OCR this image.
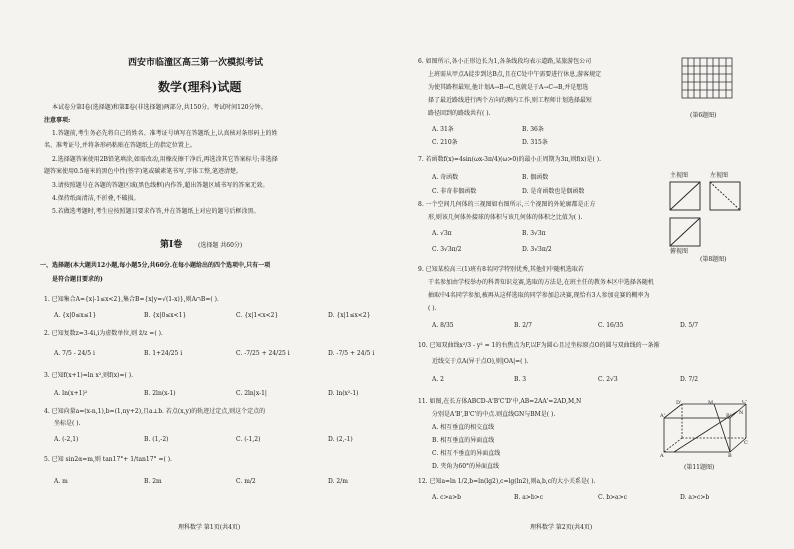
西安市临潼区高三第一次模拟考试
数学(理科)试题
本试卷分第Ⅰ卷(选择题)和第Ⅱ卷(非选择题)两部分,共150分。考试时间120分钟。
注意事项:
1.答题前,考生务必先将自己的姓名、准考证号填写在答题纸上,认真核对条形码上的姓
名、准考证号,并将条形码粘贴在答题纸上的指定位置上。
2.选择题答案使用2B铅笔填涂,如需改动,用橡皮擦干净后,再选涂其它答案标号;非选择
题答案使用0.5毫米的黑色中性(签字)笔或碳素笔书写,字体工整,笔迹清楚。
3.请按照题号在各题的答题区域(黑色线框)内作答,超出答题区域书写的答案无效。
4.保持纸面清洁,不折叠,不破损。
5.若做选考题时,考生应按照题目要求作答,并在答题纸上对应的题号后框涂黑。
第Ⅰ卷	(选择题 共60分)
一、选择题(本大题共12小题,每小题5分,共60分.在每小题给出的四个选项中,只有一项
是符合题目要求的)
1. 已知集合A={x|-1≤x<2},集合B={x|y=√(1-x)},则A∩B=( ).
A. {x|0≤x≤1}	B. {x|0≤x<1}	C. {x|1<x<2}	D. {x|1≤x<2}
2. 已知复数z=3-4i,i为虚数单位,则 z̄/z =( ).
A. 7/5 - 24/5 i	B. 1+24/25 i	C. -7/25 + 24/25 i	D. -7/5 + 24/5 i
3. 已知f(x+1)=ln x²,则f(x)=( ).
A. ln(x+1)²	B. 2ln(x-1)	C. 2ln|x-1|	D. ln(x²-1)
4. 已知向量a=(x-n,1),b=(1,ny+2),且a⊥b. 若点(x,y)的轨迹过定点,则这个定点的
坐标是( ).
A. (-2,1)	B. (1,-2)	C. (-1,2)	D. (2,-1)
5. 已知 sin2α=m,则 tan17°+ 1/tan17° =( ).
A. m	B. 2m	C. m/2	D. 2/m
理科数学 第1页(共4页)
6. 如图所示,各小正形边长为1,各条线段均表示道路,某旅游包公司
上班需从甲点A徒步到达B点,且在C处中午需要进行休息,游客规定
为使其路程最短,他计划A→B→C,也就是于A→C→B,并是想选
择了最近路线进行两个方向的测内工作,则工程师计划选择最短
路径回到的路线共有( ).
A. 31条	B. 36条
C. 210条	D. 315条
(第6题图)
7. 若函数f(x)=4sin(ωx-3π/4)(ω>0)的最小正周期为3π,则f(x)是( ).
A. 奇函数	B. 偶函数
C. 非奇非偶函数	D. 是奇函数也是偶函数
8. 一个空间几何体的三视图如右图所示,三个视图的外轮廓都是正方
形,则该几何体外接球的体积与该几何体的体积之比值为( ).
A. √3π	B. 3√3π
C. 3√3π/2	D. 3√3π/2
主视图	左视图
俯视图
(第8题图)
9. 已知某校高三(1)班有8名同学特别优秀,其他们中随机选取若
干名参加由学校举办的科普知识竞赛,选取的方法是,在班主任的教务本区中选择各随机
抽取中4名同学参加,被再从这样选取的同学参加总决赛,现恰有3人参加竞赛的概率为
( ).
A. 8/35	B. 2/7	C. 16/35	D. 5/7
10. 已知双曲线x²/3 - y² = 1的右焦点为F,以F为圆心且过坐标原点O的圆与双曲线的一条渐
近线交于点A(异于点O),则|OA|=( ).
A. 2	B. 3	C. 2√3	D. 7/2
11. 如图,在长方体ABCD-A'B'C'D'中,AB=2AA'=2AD,M,N
分别是A'B',B'C'的中点.则直线GN与BM是( ).
A. 相互垂直的相交直线
B. 相互垂直的异面直线
C. 相互不垂直的异面直线
D. 夹角为60°的异面直线
D'	M	C'
A'	B' N
A	B
C
(第11题图)
12. 已知a=ln 1/2,b=ln(lg2),c=lg(ln2),则a,b,c的大小关系是( ).
A. c>a>b	B. a>b>c	C. b>a>c	D. a>c>b
理科数学 第2页(共4页)
